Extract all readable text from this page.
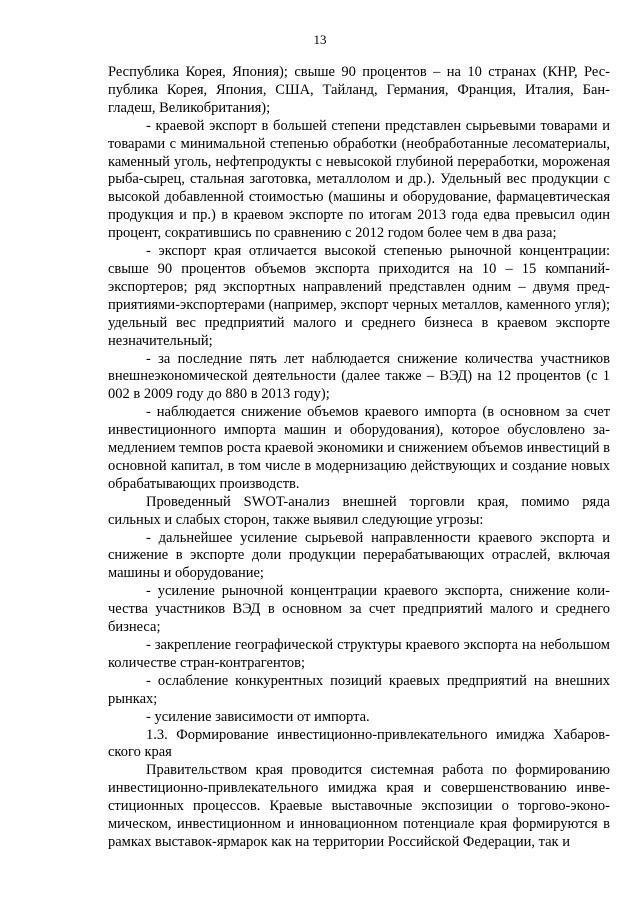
13

Республика Корея, Япония); свыше 90 процентов – на 10 странах (КНР, Республика Корея, Япония, США, Тайланд, Германия, Франция, Италия, Бангладеш, Великобритания);

- краевой экспорт в большей степени представлен сырьевыми товарами и товарами с минимальной степенью обработки (необработанные лесоматериалы, каменный уголь, нефтепродукты с невысокой глубиной переработки, мороженая рыба-сырец, стальная заготовка, металлолом и др.). Удельный вес продукции с высокой добавленной стоимостью (машины и оборудование, фармацевтическая продукция и пр.) в краевом экспорте по итогам 2013 года едва превысил один процент, сократившись по сравнению с 2012 годом более чем в два раза;

- экспорт края отличается высокой степенью рыночной концентрации: свыше 90 процентов объемов экспорта приходится на 10 – 15 компаний-экспортеров; ряд экспортных направлений представлен одним – двумя предприятиями-экспортерами (например, экспорт черных металлов, каменного угля); удельный вес предприятий малого и среднего бизнеса в краевом экспорте незначительный;

- за последние пять лет наблюдается снижение количества участников внешнеэкономической деятельности (далее также – ВЭД) на 12 процентов (с 1 002 в 2009 году до 880 в 2013 году);

- наблюдается снижение объемов краевого импорта (в основном за счет инвестиционного импорта машин и оборудования), которое обусловлено замедлением темпов роста краевой экономики и снижением объемов инвестиций в основной капитал, в том числе в модернизацию действующих и создание новых обрабатывающих производств.

Проведенный SWOT-анализ внешней торговли края, помимо ряда сильных и слабых сторон, также выявил следующие угрозы:

- дальнейшее усиление сырьевой направленности краевого экспорта и снижение в экспорте доли продукции перерабатывающих отраслей, включая машины и оборудование;

- усиление рыночной концентрации краевого экспорта, снижение количества участников ВЭД в основном за счет предприятий малого и среднего бизнеса;

- закрепление географической структуры краевого экспорта на небольшом количестве стран-контрагентов;

- ослабление конкурентных позиций краевых предприятий на внешних рынках;

- усиление зависимости от импорта.

1.3. Формирование инвестиционно-привлекательного имиджа Хабаровского края

Правительством края проводится системная работа по формированию инвестиционно-привлекательного имиджа края и совершенствованию инвестиционных процессов. Краевые выставочные экспозиции о торгово-экономическом, инвестиционном и инновационном потенциале края формируются в рамках выставок-ярмарок как на территории Российской Федерации, так и
